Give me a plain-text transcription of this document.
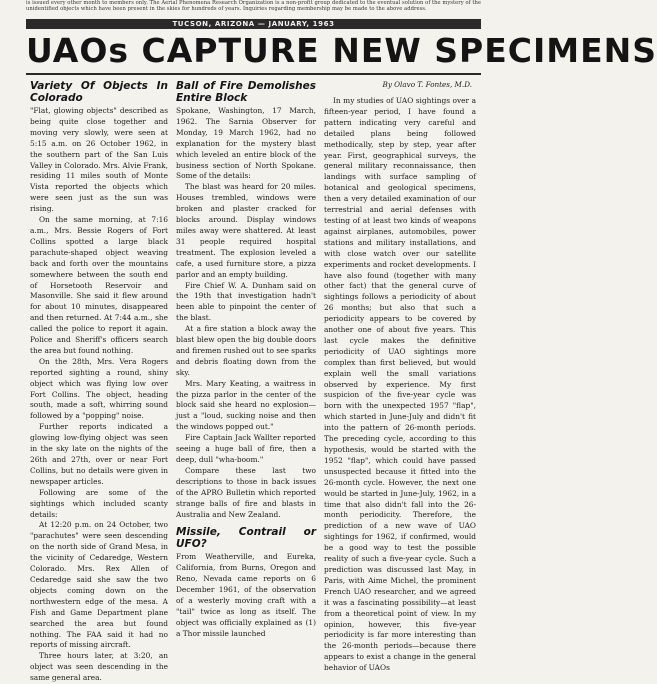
is issued every other month to members only. The Aerial Phenomena Research Organization is a non-profit group dedicated to the eventual solution of the mystery of the unidentified objects which have been present in the skies for hundreds of years. Inquiries regarding membership may be made to the above address.
TUCSON, ARIZONA — JANUARY, 1963
UAOs CAPTURE NEW SPECIMENS
Variety Of Objects In Colorado

"Flat, glowing objects" described as being quite close together and moving very slowly, were seen at 5:15 a.m. on 26 October 1962, in the southern part of the San Luis Valley in Colorado. Mrs. Alvie Frank, residing 11 miles south of Monte Vista reported the objects which were seen just as the sun was rising.

On the same morning, at 7:16 a.m., Mrs. Bessie Rogers of Fort Collins spotted a large black parachute-shaped object weaving back and forth over the mountains somewhere between the south end of Horsetooth Reservoir and Masonville. She said it flew around for about 10 minutes, disappeared and then returned. At 7:44 a.m., she called the police to report it again. Police and Sheriff's officers search the area but found nothing.

On the 28th, Mrs. Vera Rogers reported sighting a round, shiny object which was flying low over Fort Collins. The object, heading south, made a soft, whirring sound followed by a "popping" noise.

Further reports indicated a glowing low-flying object was seen in the sky late on the nights of the 26th and 27th, over or near Fort Collins, but no details were given in newspaper articles.

Following are some of the sightings which included scanty details:

At 12:20 p.m. on 24 October, two "parachutes" were seen descending on the north side of Grand Mesa, in the vicinity of Cedaredge, Western Colorado. Mrs. Rex Allen of Cedaredge said she saw the two objects coming down on the northwestern edge of the mesa. A Fish and Game Department plane searched the area but found nothing. The FAA said it had no reports of missing aircraft.

Three hours later, at 3:20, an object was seen descending in the same general area.

Ball of Fire Demolishes Entire Block

Spokane, Washington, 17 March, 1962. The Sarnia Observer for Monday, 19 March 1962, had no explanation for the mystery blast which leveled an entire block of the business section of North Spokane. Some of the details:

The blast was heard for 20 miles. Houses trembled, windows were broken and plaster cracked for blocks around. Display windows miles away were shattered. At least 31 people required hospital treatment. The explosion leveled a cafe, a used furniture store, a pizza parlor and an empty building.

Fire Chief W. A. Dunham said on the 19th that investigation hadn't been able to pinpoint the center of the blast.

At a fire station a block away the blast blew open the big double doors and firemen rushed out to see sparks and debris floating down from the sky.

Mrs. Mary Keating, a waitress in the pizza parlor in the center of the block said she heard no explosion—just a "loud, sucking noise and then the windows popped out."

Fire Captain Jack Wallter reported seeing a huge ball of fire, then a deep, dull "wha-boom."

Compare these last two descriptions to those in back issues of the APRO Bulletin which reported strange balls of fire and blasts in Australia and New Zealand.

Missile, Contrail or UFO?

From Weatherville, and Eureka, California, from Burns, Oregon and Reno, Nevada came reports on 6 December 1961, of the observation of a westerly moving craft with a "tail" twice as long as itself. The object was officially explained as (1) a Thor missile launched

By Olavo T. Fontes, M.D.

In my studies of UAO sightings over a fifteen-year period, I have found a pattern indicating very careful and detailed plans being followed methodically, step by step, year after year. First, geographical surveys, the general military reconnaissance, then landings with surface sampling of botanical and geological specimens, then a very detailed examination of our terrestrial and aerial defenses with testing of at least two kinds of weapons against airplanes, automobiles, power stations and military installations, and with close watch over our satellite experiments and rocket developments. I have also found (together with many other fact) that the general curve of sightings follows a periodicity of about 26 months; but also that such a periodicity appears to be covered by another one of about five years. This last cycle makes the definitive periodicity of UAO sightings more complex than first believed, but would explain well the small variations observed by experience. My first suspicion of the five-year cycle was born with the unexpected 1957 "flap", which started in June-July and didn't fit into the pattern of 26-month periods. The preceding cycle, according to this hypothesis, would be started with the 1952 "flap", which could have passed unsuspected because it fitted into the 26-month cycle. However, the next one would be started in June-July, 1962, in a time that also didn't fall into the 26-month periodicity. Therefore, the prediction of a new wave of UAO sightings for 1962, if confirmed, would be a good way to test the possible reality of such a five-year cycle. Such a prediction was discussed last May, in Paris, with Aime Michel, the prominent French UAO researcher, and we agreed it was a fascinating possibility—at least from a theoretical point of view. In my opinion, however, this five-year periodicity is far more interesting than the 26-month periods—because there appears to exist a change in the general behavior of UAOs
